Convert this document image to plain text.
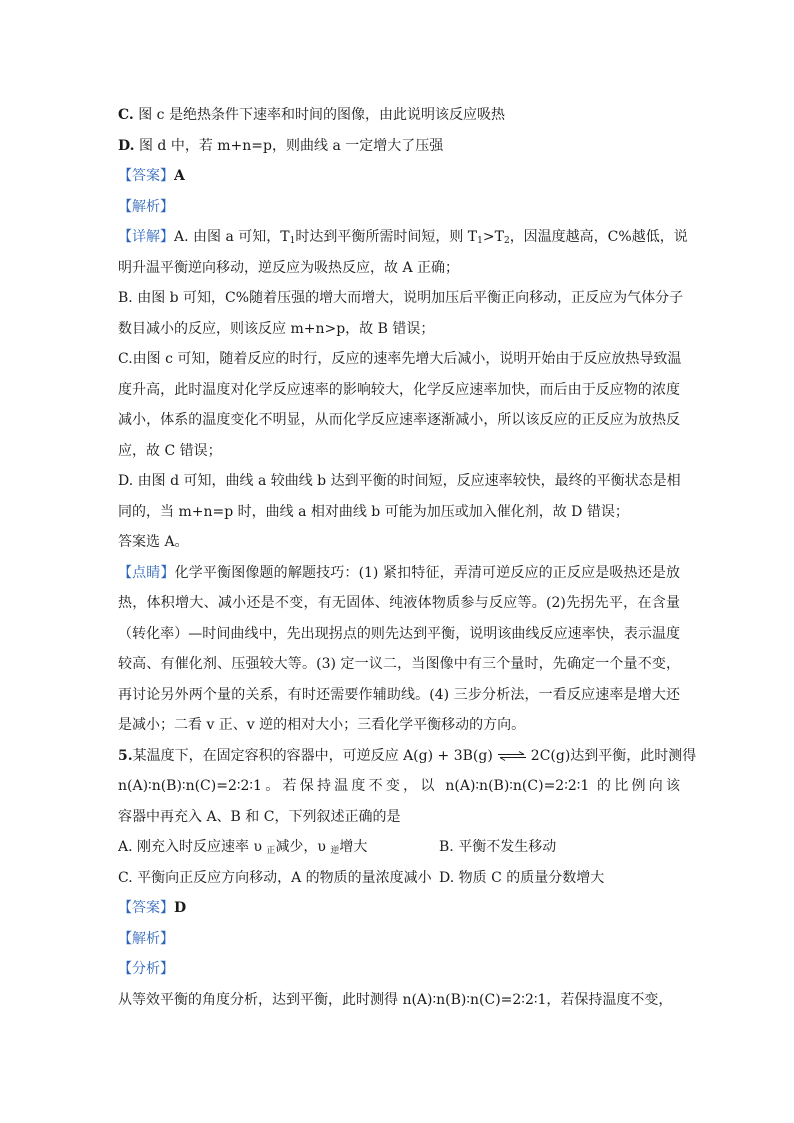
C. 图 c 是绝热条件下速率和时间的图像，由此说明该反应吸热
D. 图 d 中，若 m+n=p，则曲线 a 一定增大了压强
【答案】A
【解析】
【详解】A. 由图 a 可知，$T_1$时达到平衡所需时间短，则 $T_1>T_2$，因温度越高，C%越低，说
明升温平衡逆向移动，逆反应为吸热反应，故 A 正确；
B. 由图 b 可知，C%随着压强的增大而增大，说明加压后平衡正向移动，正反应为气体分子
数目减小的反应，则该反应 m+n>p，故 B 错误；
C.由图 c 可知，随着反应的时行，反应的速率先增大后减小，说明开始由于反应放热导致温
度升高，此时温度对化学反应速率的影响较大，化学反应速率加快，而后由于反应物的浓度
减小，体系的温度变化不明显，从而化学反应速率逐渐减小，所以该反应的正反应为放热反
应，故 C 错误；
D. 由图 d 可知，曲线 a 较曲线 b 达到平衡的时间短，反应速率较快，最终的平衡状态是相
同的，当 m+n=p 时，曲线 a 相对曲线 b 可能为加压或加入催化剂，故 D 错误；
答案选 A。
【点睛】化学平衡图像题的解题技巧：(1) 紧扣特征，弄清可逆反应的正反应是吸热还是放
热，体积增大、减小还是不变，有无固体、纯液体物质参与反应等。(2)先拐先平，在含量
（转化率）—时间曲线中，先出现拐点的则先达到平衡，说明该曲线反应速率快，表示温度
较高、有催化剂、压强较大等。(3) 定一议二，当图像中有三个量时，先确定一个量不变，
再讨论另外两个量的关系，有时还需要作辅助线。(4) 三步分析法，一看反应速率是增大还
是减小；二看 v 正、v 逆的相对大小；三看化学平衡移动的方向。
5.某温度下，在固定容积的容器中，可逆反应 A(g) + 3B(g) ⇌ 2C(g)达到平衡，此时测得
n(A)∶n(B)∶n(C)=2∶2∶1。若保持温度不变，以 n(A)∶n(B)∶n(C)=2∶2∶1 的比例向该
容器中再充入 A、B 和 C，下列叙述正确的是
A. 刚充入时反应速率 υ $_正$减少，υ $_逆$增大	B. 平衡不发生移动
C. 平衡向正反应方向移动，A 的物质的量浓度减小 D. 物质 C 的质量分数增大
【答案】D
【解析】
【分析】
从等效平衡的角度分析，达到平衡，此时测得 n(A)∶n(B)∶n(C)=2∶2∶1，若保持温度不变，
